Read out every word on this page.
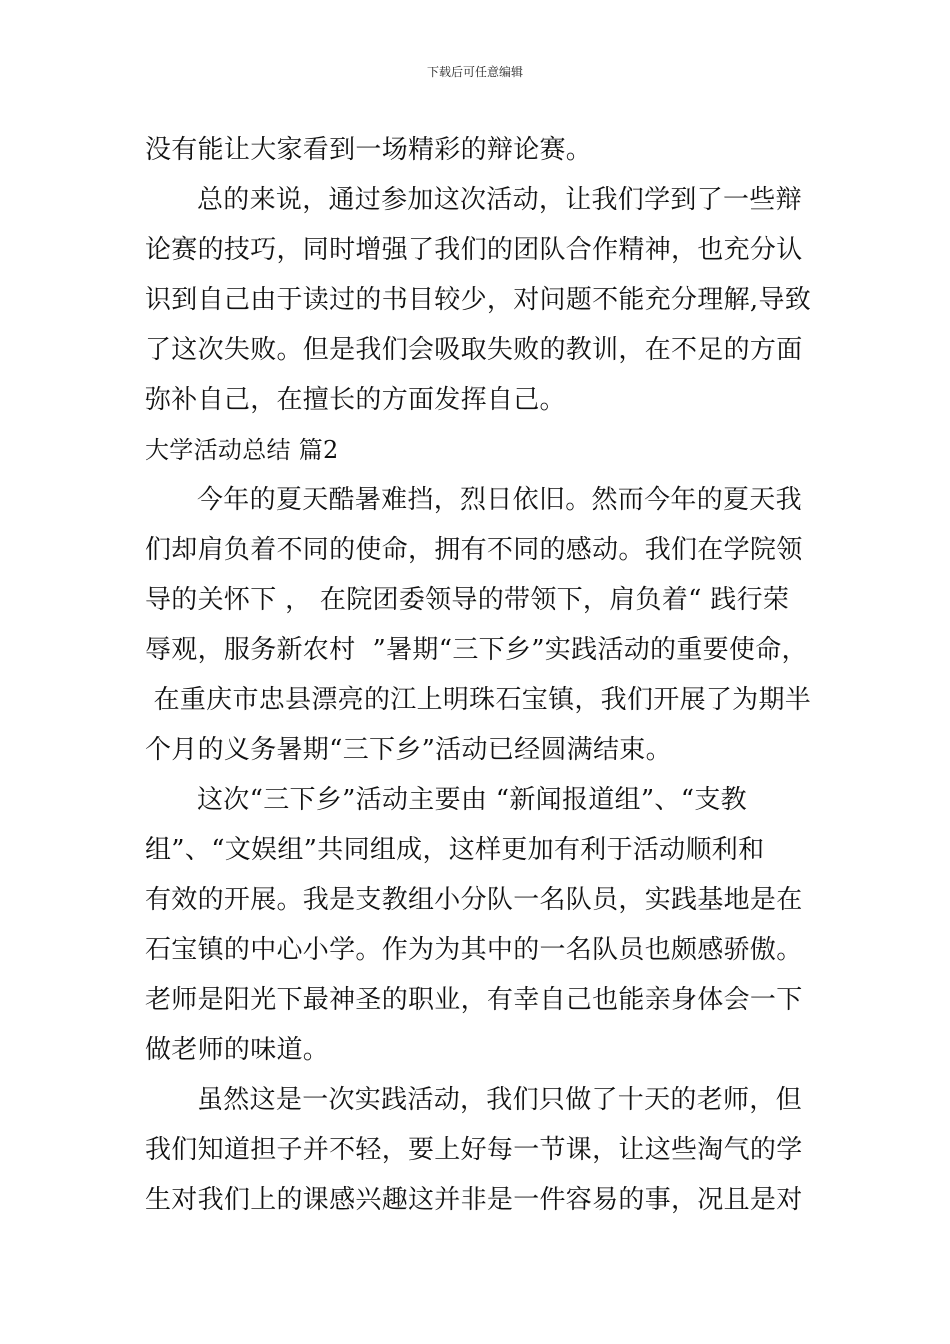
下载后可任意编辑
没有能让大家看到一场精彩的辩论赛。
总的来说，通过参加这次活动，让我们学到了一些辩
论赛的技巧，同时增强了我们的团队合作精神，也充分认
识到自己由于读过的书目较少，对问题不能充分理解,导致
了这次失败。但是我们会吸取失败的教训，在不足的方面
弥补自己，在擅长的方面发挥自己。
大学活动总结 篇2
今年的夏天酷暑难挡，烈日依旧。然而今年的夏天我
们却肩负着不同的使命，拥有不同的感动。我们在学院领
导的关怀下 ， 在院团委领导的带领下，肩负着“ 践行荣
辱观，服务新农村  ”暑期“三下乡”实践活动的重要使命，
在重庆市忠县漂亮的江上明珠石宝镇，我们开展了为期半
个月的义务暑期“三下乡”活动已经圆满结束。
这次“三下乡”活动主要由 “新闻报道组”、“支教
组”、“文娱组”共同组成，这样更加有利于活动顺利和
有效的开展。我是支教组小分队一名队员，实践基地是在
石宝镇的中心小学。作为为其中的一名队员也颇感骄傲。
老师是阳光下最神圣的职业，有幸自己也能亲身体会一下
做老师的味道。
虽然这是一次实践活动，我们只做了十天的老师，但
我们知道担子并不轻，要上好每一节课，让这些淘气的学
生对我们上的课感兴趣这并非是一件容易的事，况且是对
